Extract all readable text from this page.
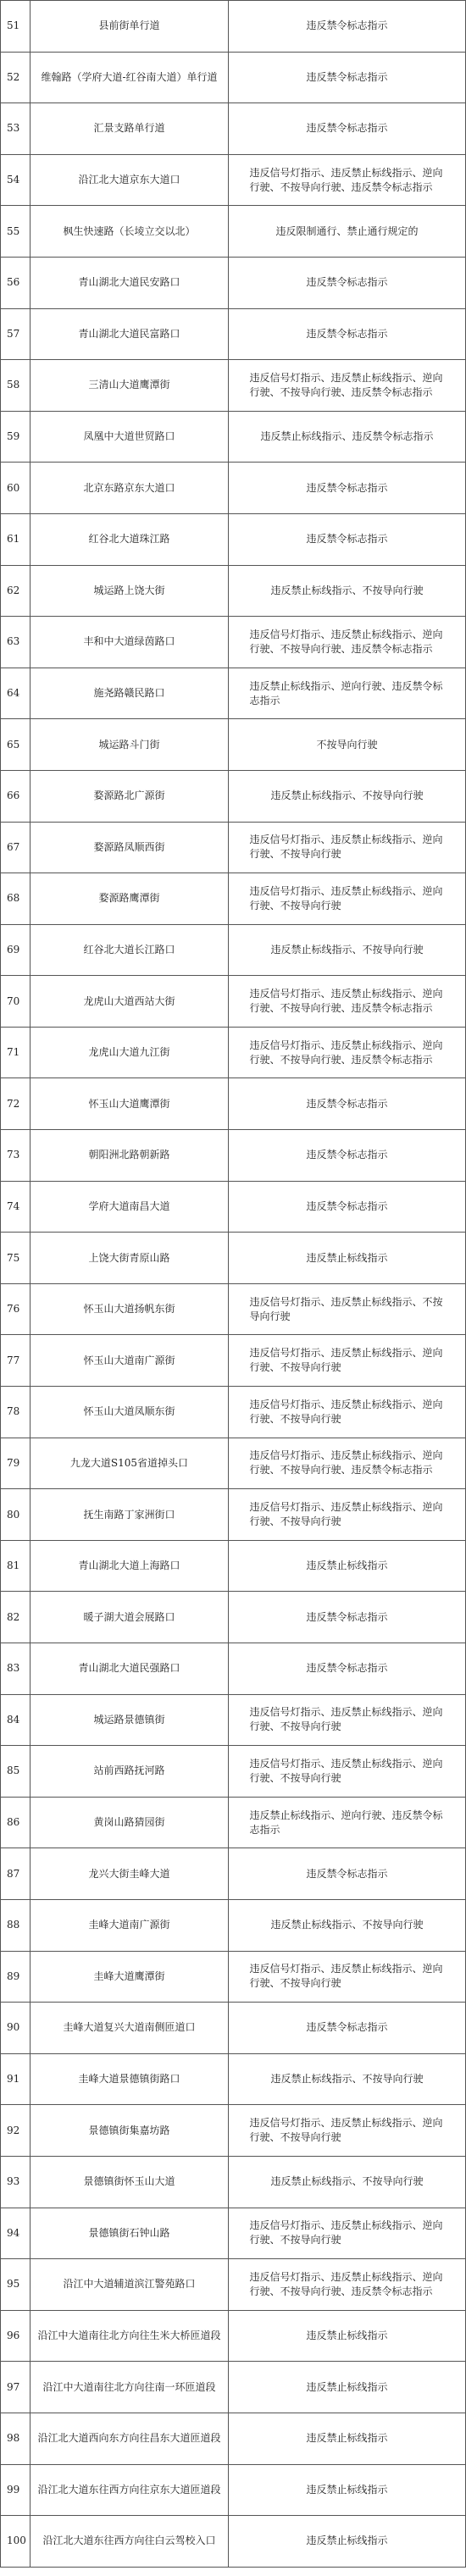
51	县前街单行道	违反禁令标志指示
52	维翰路（学府大道-红谷南大道）单行道	违反禁令标志指示
53	汇景支路单行道	违反禁令标志指示
54	沿江北大道京东大道口	违反信号灯指示、违反禁止标线指示、逆向行驶、不按导向行驶、违反禁令标志指示
55	枫生快速路（长堎立交以北）	违反限制通行、禁止通行规定的
56	青山湖北大道民安路口	违反禁令标志指示
57	青山湖北大道民富路口	违反禁令标志指示
58	三清山大道鹰潭街	违反信号灯指示、违反禁止标线指示、逆向行驶、不按导向行驶、违反禁令标志指示
59	凤凰中大道世贸路口	违反禁止标线指示、违反禁令标志指示
60	北京东路京东大道口	违反禁令标志指示
61	红谷北大道珠江路	违反禁令标志指示
62	城运路上饶大街	违反禁止标线指示、不按导向行驶
63	丰和中大道绿茵路口	违反信号灯指示、违反禁止标线指示、逆向行驶、不按导向行驶、违反禁令标志指示
64	施尧路赣民路口	违反禁止标线指示、逆向行驶、违反禁令标志指示
65	城运路斗门街	不按导向行驶
66	婺源路北广源街	违反禁止标线指示、不按导向行驶
67	婺源路凤顺西街	违反信号灯指示、违反禁止标线指示、逆向行驶、不按导向行驶
68	婺源路鹰潭街	违反信号灯指示、违反禁止标线指示、逆向行驶、不按导向行驶
69	红谷北大道长江路口	违反禁止标线指示、不按导向行驶
70	龙虎山大道西站大街	违反信号灯指示、违反禁止标线指示、逆向行驶、不按导向行驶、违反禁令标志指示
71	龙虎山大道九江街	违反信号灯指示、违反禁止标线指示、逆向行驶、不按导向行驶、违反禁令标志指示
72	怀玉山大道鹰潭街	违反禁令标志指示
73	朝阳洲北路朝新路	违反禁令标志指示
74	学府大道南昌大道	违反禁令标志指示
75	上饶大街青原山路	违反禁止标线指示
76	怀玉山大道扬帆东街	违反信号灯指示、违反禁止标线指示、不按导向行驶
77	怀玉山大道南广源街	违反信号灯指示、违反禁止标线指示、逆向行驶、不按导向行驶
78	怀玉山大道凤顺东街	违反信号灯指示、违反禁止标线指示、逆向行驶、不按导向行驶
79	九龙大道S105省道掉头口	违反信号灯指示、违反禁止标线指示、逆向行驶、不按导向行驶、违反禁令标志指示
80	抚生南路丁家洲街口	违反信号灯指示、违反禁止标线指示、逆向行驶、不按导向行驶
81	青山湖北大道上海路口	违反禁止标线指示
82	暖子湖大道会展路口	违反禁令标志指示
83	青山湖北大道民强路口	违反禁令标志指示
84	城运路景德镇街	违反信号灯指示、违反禁止标线指示、逆向行驶、不按导向行驶
85	站前西路抚河路	违反信号灯指示、违反禁止标线指示、逆向行驶、不按导向行驶
86	黄岗山路猜园街	违反禁止标线指示、逆向行驶、违反禁令标志指示
87	龙兴大街圭峰大道	违反禁令标志指示
88	圭峰大道南广源街	违反禁止标线指示、不按导向行驶
89	圭峰大道鹰潭街	违反信号灯指示、违反禁止标线指示、逆向行驶、不按导向行驶
90	圭峰大道复兴大道南侧匝道口	违反禁令标志指示
91	圭峰大道景德镇街路口	违反禁止标线指示、不按导向行驶
92	景德镇街集嘉坊路	违反信号灯指示、违反禁止标线指示、逆向行驶、不按导向行驶
93	景德镇街怀玉山大道	违反禁止标线指示、不按导向行驶
94	景德镇街石钟山路	违反信号灯指示、违反禁止标线指示、逆向行驶、不按导向行驶
95	沿江中大道辅道滨江警苑路口	违反信号灯指示、违反禁止标线指示、逆向行驶、不按导向行驶、违反禁令标志指示
96	沿江中大道南往北方向往生米大桥匝道段	违反禁止标线指示
97	沿江中大道南往北方向往南一环匝道段	违反禁止标线指示
98	沿江北大道西向东方向往昌东大道匝道段	违反禁止标线指示
99	沿江北大道东往西方向往京东大道匝道段	违反禁止标线指示
100	沿江北大道东往西方向往白云驾校入口	违反禁止标线指示
